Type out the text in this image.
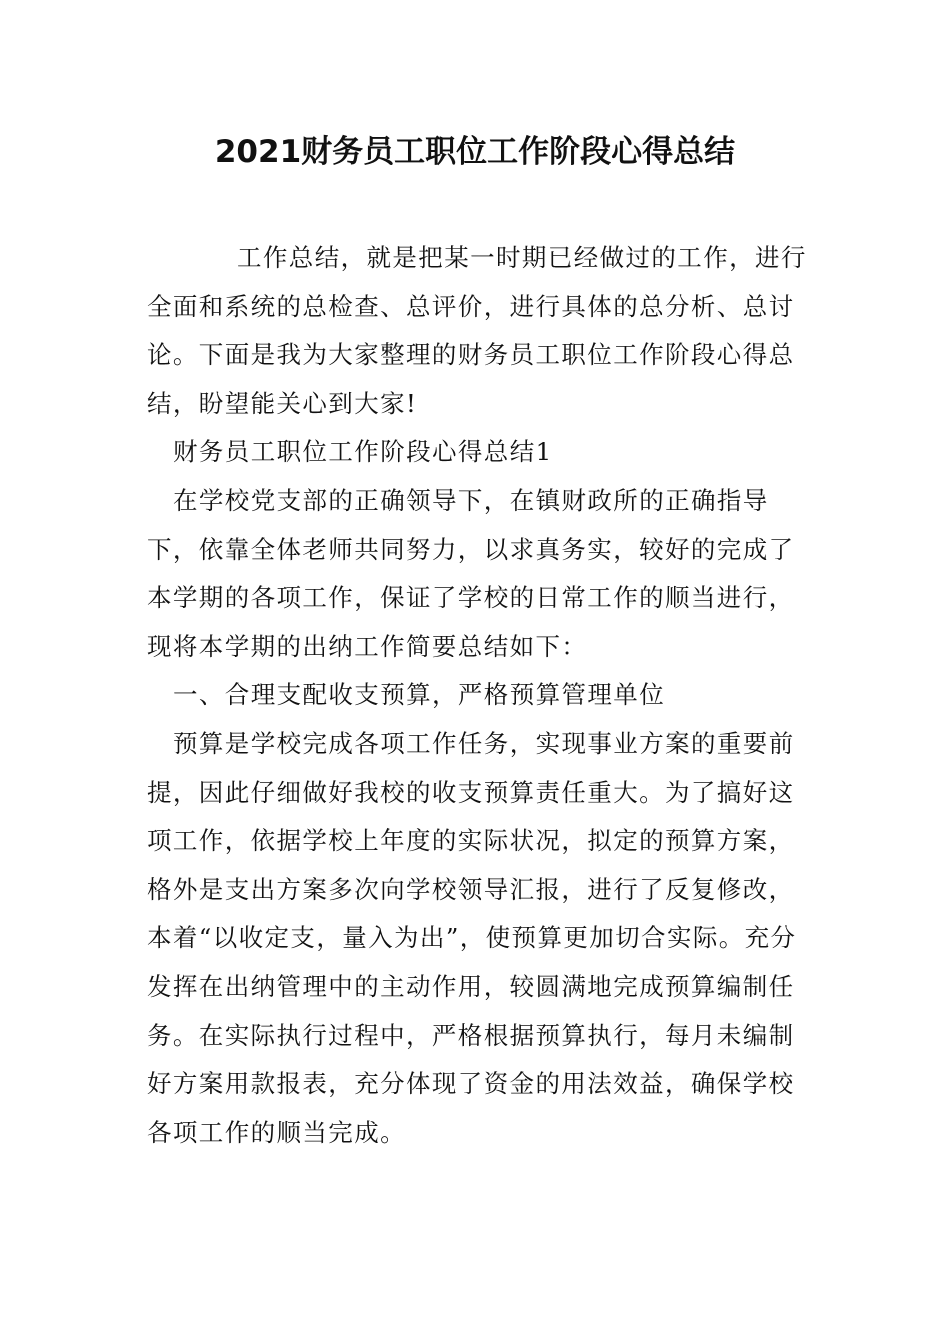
2021财务员工职位工作阶段心得总结

工作总结，就是把某一时期已经做过的工作，进行全面和系统的总检查、总评价，进行具体的总分析、总讨论。下面是我为大家整理的财务员工职位工作阶段心得总结，盼望能关心到大家!

财务员工职位工作阶段心得总结1

在学校党支部的正确领导下，在镇财政所的正确指导下，依靠全体老师共同努力，以求真务实，较好的完成了本学期的各项工作，保证了学校的日常工作的顺当进行，现将本学期的出纳工作简要总结如下：

一、合理支配收支预算，严格预算管理单位

预算是学校完成各项工作任务，实现事业方案的重要前提，因此仔细做好我校的收支预算责任重大。为了搞好这项工作，依据学校上年度的实际状况，拟定的预算方案，格外是支出方案多次向学校领导汇报，进行了反复修改，本着“以收定支，量入为出”，使预算更加切合实际。充分发挥在出纳管理中的主动作用，较圆满地完成预算编制任务。在实际执行过程中，严格根据预算执行，每月未编制好方案用款报表，充分体现了资金的用法效益，确保学校各项工作的顺当完成。
